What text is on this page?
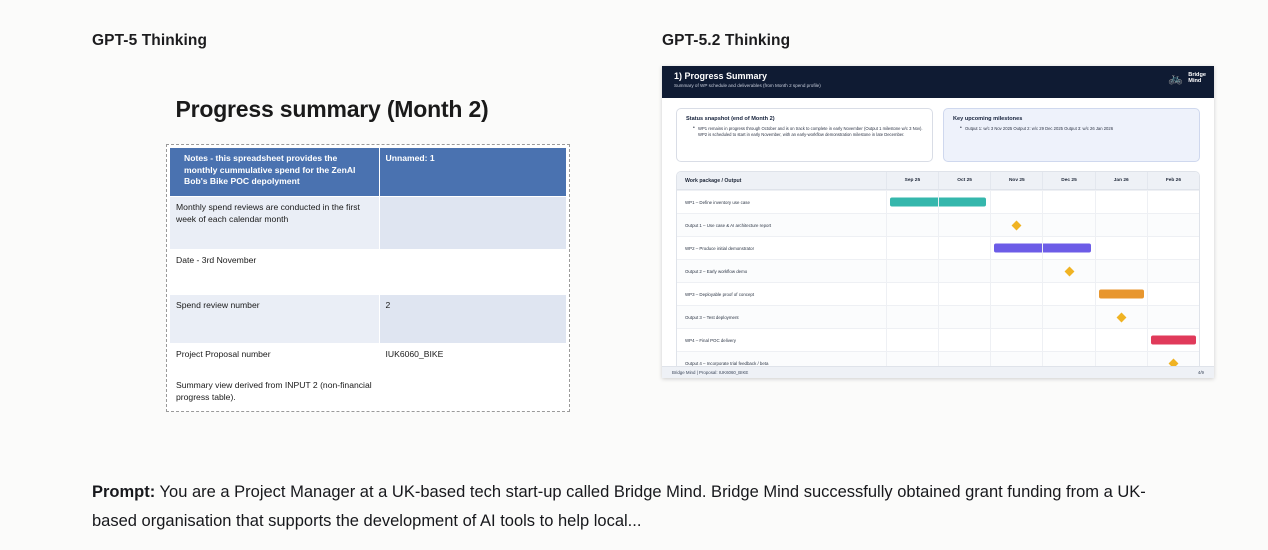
GPT-5 Thinking	GPT-5.2 Thinking
Progress summary (Month 2)
Notes - this spreadsheet provides the monthly cummulative spend for the ZenAI Bob's Bike POC depolyment	Unnamed: 1
Monthly spend reviews are conducted in the first week of each calendar month	
Date - 3rd November	
Spend review number	2
Project Proposal number	IUK6060_BIKE
Summary view derived from INPUT 2 (non-financial progress table).	
1) Progress Summary
Summary of WP schedule and deliverables (from Month 2 spend profile)
🚲 Bridge
Mind
Status snapshot (end of Month 2)
• WP1 remains in progress through October and is on track to complete in early November (Output 1 milestone w/c 3 Nov). WP2 is scheduled to start in early November, with an early-workflow demonstration milestone in late December.
Key upcoming milestones
• Output 1: w/c 3 Nov 2025 Output 2: w/c 29 Dec 2025 Output 3: w/c 26 Jan 2026
Work package / Output	Sep 25	Oct 25	Nov 25	Dec 25	Jan 26	Feb 26
WP1 – Define inventory use case
Output 1 – Use case & AI architecture report
WP2 – Produce initial demonstrator
Output 2 – Early workflow demo
WP3 – Deployable proof of concept
Output 3 – Test deployment
WP4 – Final POC delivery
Output 4 – Incorporate trial feedback / beta
Bridge Mind | Proposal: IUK6060_BIKE	4/9
Prompt: You are a Project Manager at a UK-based tech start-up called Bridge Mind. Bridge Mind successfully obtained grant funding from a UK-based organisation that supports the development of AI tools to help local...
